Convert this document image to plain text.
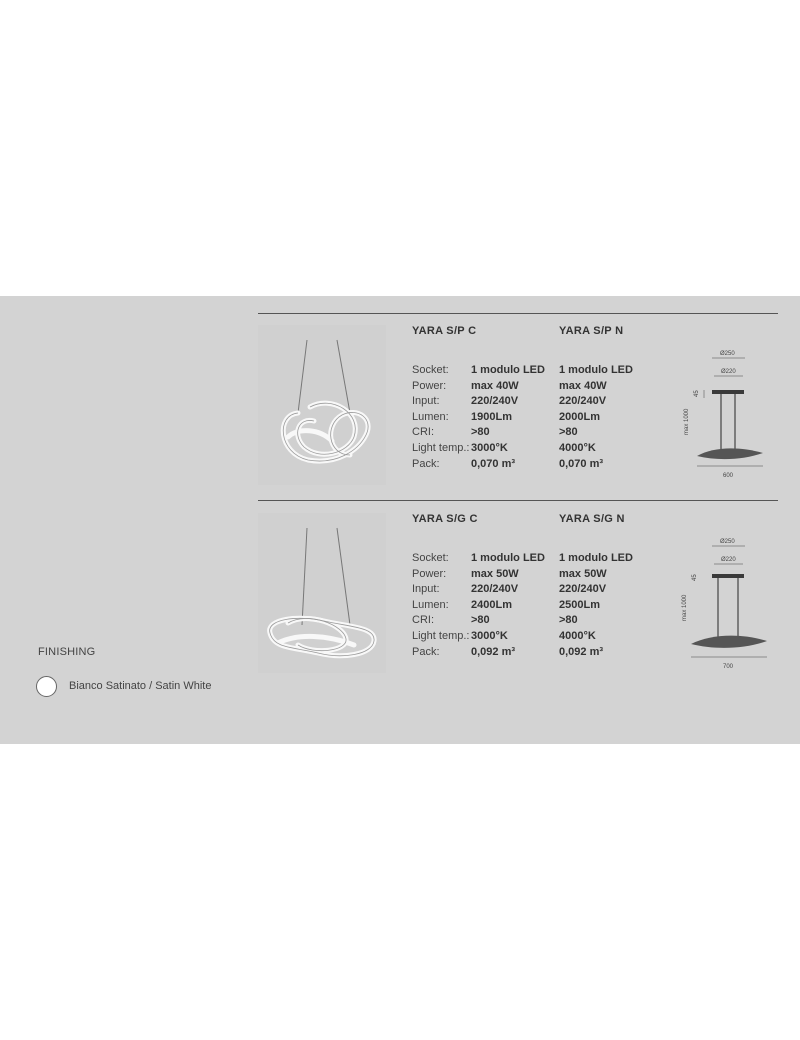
YARA S/P C	YARA S/P N
Socket:
Power:
Input:
Lumen:
CRI:
Light temp.:
Pack:
1 modulo LED
max 40W
220/240V
1900Lm
>80
3000°K
0,070 m³
1 modulo LED
max 40W
220/240V
2000Lm
>80
4000°K
0,070 m³
Ø250
Ø220
45
max 1000
600
YARA S/G C	YARA S/G N
Socket:
Power:
Input:
Lumen:
CRI:
Light temp.:
Pack:
1 modulo LED
max 50W
220/240V
2400Lm
>80
3000°K
0,092 m³
1 modulo LED
max 50W
220/240V
2500Lm
>80
4000°K
0,092 m³
Ø250
Ø220
45
max 1000
700
FINISHING
Bianco Satinato / Satin White
